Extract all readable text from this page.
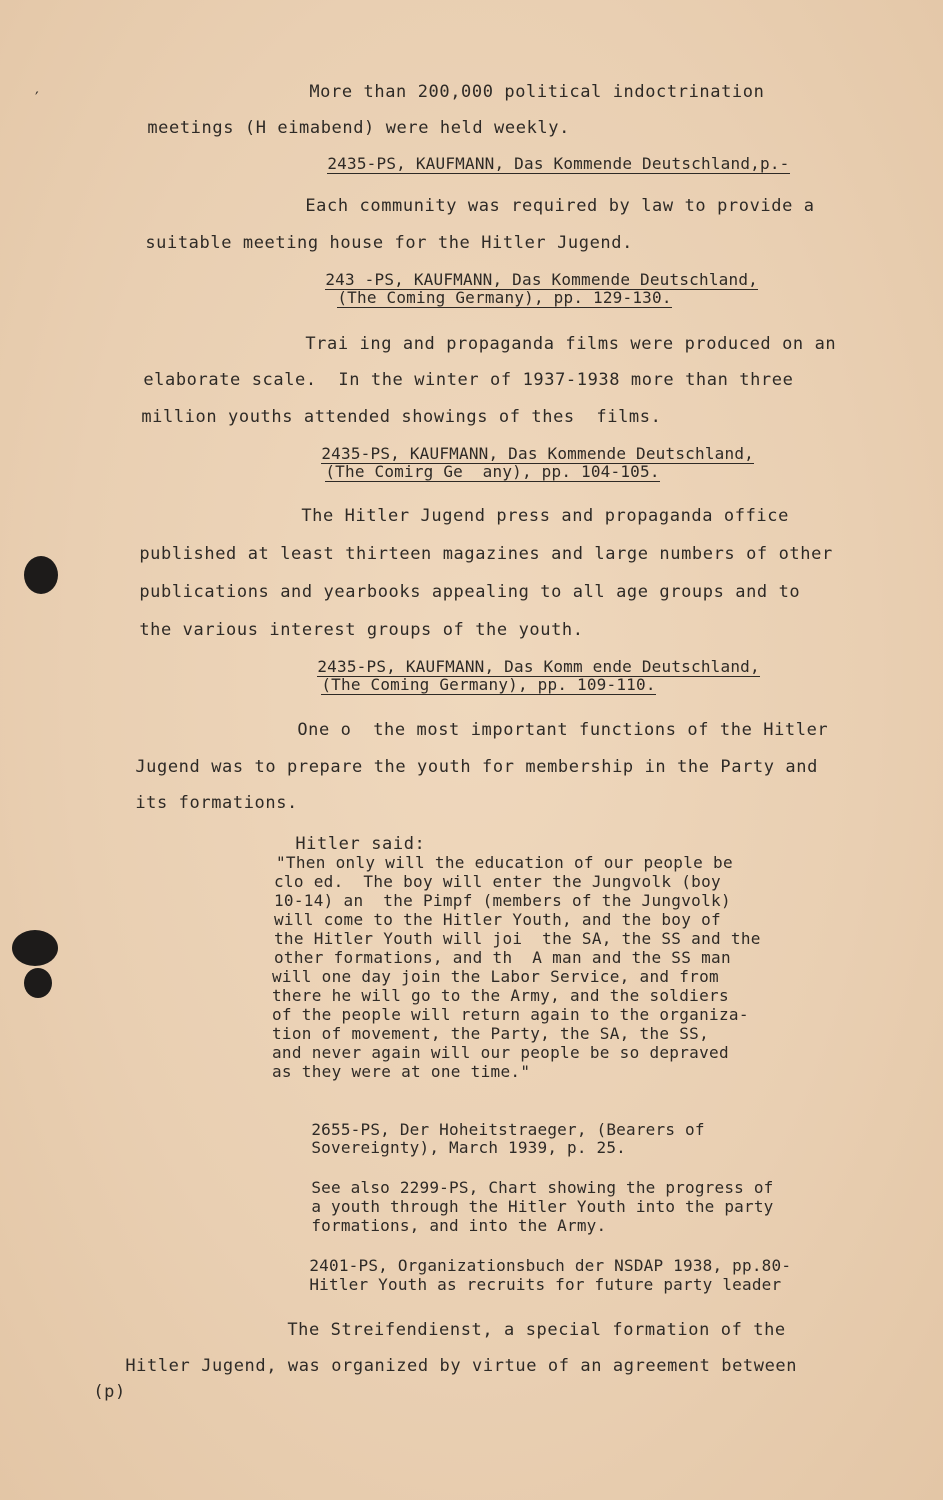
′	More than 200,000 political indoctrination

meetings (H eimabend) were held weekly.

2435-PS, KAUFMANN, Das Kommende Deutschland,p.-

Each community was required by law to provide a

suitable meeting house for the Hitler Jugend.

243 -PS, KAUFMANN, Das Kommende Deutschland,

(The Coming Germany), pp. 129-130.

Trai ing and propaganda films were produced on an

elaborate scale.  In the winter of 1937-1938 more than three

million youths attended showings of thes  films.

2435-PS, KAUFMANN, Das Kommende Deutschland,

(The Comirg Ge  any), pp. 104-105.

The Hitler Jugend press and propaganda office

published at least thirteen magazines and large numbers of other

publications and yearbooks appealing to all age groups and to

the various interest groups of the youth.

2435-PS, KAUFMANN, Das Komm ende Deutschland,

(The Coming Germany), pp. 109-110.

One o  the most important functions of the Hitler

Jugend was to prepare the youth for membership in the Party and

its formations.

Hitler said:

"Then only will the education of our people be
clo ed.  The boy will enter the Jungvolk (boy
10-14) an  the Pimpf (members of the Jungvolk)
will come to the Hitler Youth, and the boy of
the Hitler Youth will joi  the SA, the SS and the
other formations, and th  A man and the SS man
will one day join the Labor Service, and from
there he will go to the Army, and the soldiers
of the people will return again to the organiza-
tion of movement, the Party, the SA, the SS,
and never again will our people be so depraved
as they were at one time."

2655-PS, Der Hoheitstraeger, (Bearers of

Sovereignty), March 1939, p. 25.

See also 2299-PS, Chart showing the progress of

a youth through the Hitler Youth into the party

formations, and into the Army.

2401-PS, Organizationsbuch der NSDAP 1938, pp.80-

Hitler Youth as recruits for future party leader

The Streifendienst, a special formation of the

Hitler Jugend, was organized by virtue of an agreement between

(p)
